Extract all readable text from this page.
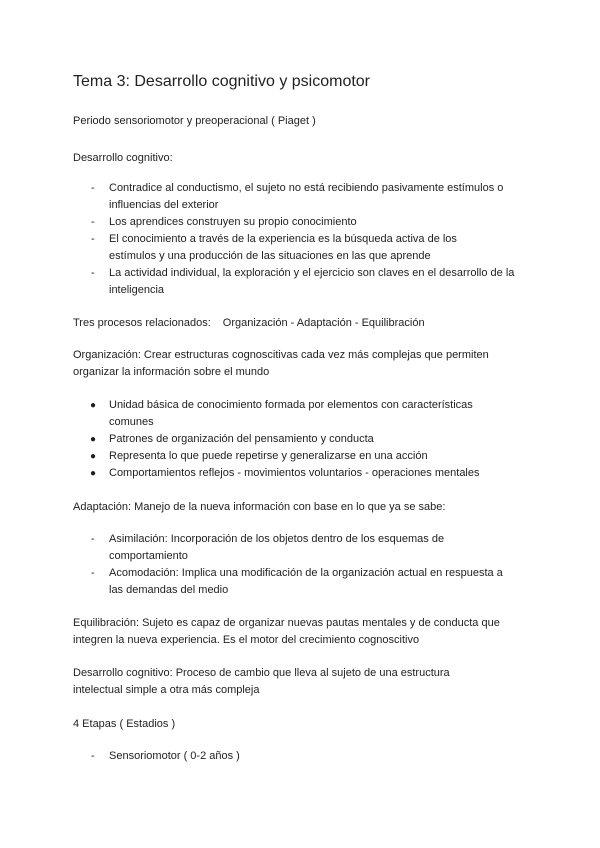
Tema 3: Desarrollo cognitivo y psicomotor

Periodo sensoriomotor y preoperacional ( Piaget )

Desarrollo cognitivo:

- Contradice al conductismo, el sujeto no está recibiendo pasivamente estímulos o influencias del exterior
- Los aprendices construyen su propio conocimiento
- El conocimiento a través de la experiencia es la búsqueda activa de los estímulos y una producción de las situaciones en las que aprende
- La actividad individual, la exploración y el ejercicio son claves en el desarrollo de la inteligencia

Tres procesos relacionados: Organización - Adaptación - Equilibración

Organización: Crear estructuras cognoscitivas cada vez más complejas que permiten organizar la información sobre el mundo

● Unidad básica de conocimiento formada por elementos con características comunes
● Patrones de organización del pensamiento y conducta
● Representa lo que puede repetirse y generalizarse en una acción
● Comportamientos reflejos - movimientos voluntarios - operaciones mentales

Adaptación: Manejo de la nueva información con base en lo que ya se sabe:

- Asimilación: Incorporación de los objetos dentro de los esquemas de comportamiento
- Acomodación: Implica una modificación de la organización actual en respuesta a las demandas del medio

Equilibración: Sujeto es capaz de organizar nuevas pautas mentales y de conducta que integren la nueva experiencia. Es el motor del crecimiento cognoscitivo

Desarrollo cognitivo: Proceso de cambio que lleva al sujeto de una estructura intelectual simple a otra más compleja

4 Etapas ( Estadios )

- Sensoriomotor ( 0-2 años )
